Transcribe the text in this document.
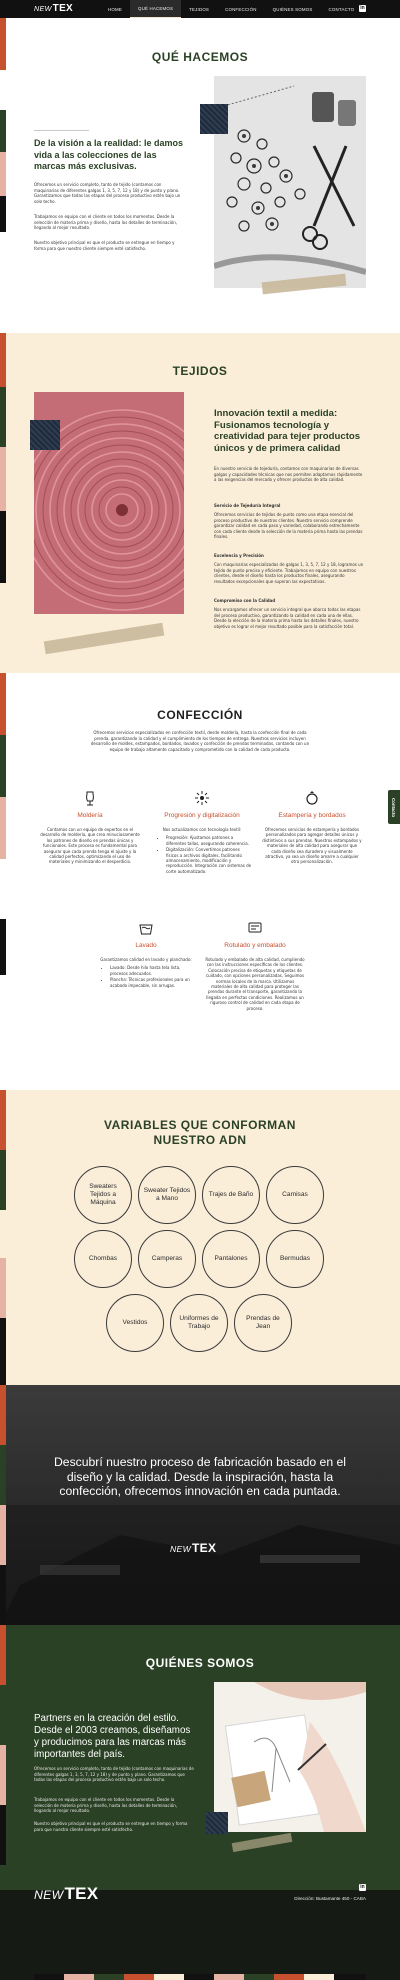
NEWTEX	HOME	QUÉ HACEMOS	TEJIDOS	CONFECCIÓN	QUIÉNES SOMOS	CONTACTO	in
QUÉ HACEMOS
De la visión a la realidad: le damos vida a las colecciones de las marcas más exclusivas.
Ofrecemos un servicio completo, tanto de tejido (contamos con maquinarias de diferentes galgas 1, 3, 5, 7, 12 y 18) y de punto y plano. Garantizamos que todas las etapas del proceso productivo estén bajo un solo techo.
Trabajamos en equipo con el cliente en todos los momentos. Desde la selección de materia prima y diseño, hasta los detalles de terminación, llegando al mejor resultado.
Nuestro objetivo principal es que el producto se entregue en tiempo y forma para que nuestro cliente siempre esté satisfecho.
TEJIDOS
Innovación textil a medida: Fusionamos tecnología y creatividad para tejer productos únicos y de primera calidad
En nuestro servicio de tejeduría, contamos con maquinarias de diversas galgas y capacidades técnicas que nos permiten adaptarnos rápidamente a las exigencias del mercado y ofrecer productos de alta calidad.
Servicio de Tejeduría Integral
Ofrecemos servicios de tejidos de punto como una etapa esencial del proceso productivo de nuestros clientes. Nuestro servicio comprende garantizar calidad en cada paso y variedad, colaborando estrechamente con cada cliente desde la selección de la materia prima hasta las prendas finales.
Excelencia y Precisión
Con maquinarias especializadas de galgas 1, 3, 5, 7, 12 y 18, logramos un tejido de punto preciso y eficiente. Trabajamos en equipo con nuestros clientes, desde el diseño hasta los productos finales, asegurando resultados excepcionales que superan las expectativas.
Compromiso con la Calidad
Nos encargamos ofrecer un servicio integral que abarca todas las etapas del proceso productivo, garantizando la calidad en cada una de ellas. Desde la elección de la materia prima hasta los detalles finales, nuestro objetivo es lograr el mejor resultado posible para la satisfacción total.
CONFECCIÓN
Ofrecemos servicios especializados en confección textil, desde moldería, hasta la confección final de cada prenda, garantizando la calidad y el cumplimiento de los tiempos de entrega. Nuestros servicios incluyen desarrollo de moldes, estampados, bordados, lavados y confección de prendas terminadas, contando con un equipo de trabajo altamente capacitado y comprometido con la calidad de cada producto.
Moldería
Contamos con un equipo de expertos en el desarrollo de moldería, que crea minuciosamente los patrones de diseño en prendas únicas y funcionales. Este proceso es fundamental para asegurar que cada prenda tenga el ajuste y la calidad perfectos, optimizando el uso de materiales y minimizando el desperdicio.
Progresión y digitalización
Nos actualizamos con tecnología textil:
• Progresión: Ajustamos patrones a diferentes tallas, asegurando coherencia.
• Digitalización: Convertimos patrones físicos a archivos digitales, facilitando almacenamiento, modificación y reproducción. Integración con sistemas de corte automatizado.
Estampería y bordados
Ofrecemos servicios de estampería y bordados personalizados para agregar detalles únicos y distintivos a sus prendas. Nuestros estampados y materiales de alta calidad para asegurar que cada diseño sea duradero y visualmente atractivo, ya sea un diseño amarre a cualquier otra personalización.
Lavado
Garantizamos calidad en lavado y planchado:
• Lavado: Desde hilo hasta tela lista, procesos adecuados.
• Plancha: Técnicas profesionales para un acabado impecable, sin arrugas.
Rotulado y embalado
Rotulado y embalado de alta calidad, cumpliendo con las instrucciones específicas de los clientes. Colocación precisa de etiquetas y etiquetas de cuidado, con opciones personalizadas. Seguimos normas locales de la marca. Utilizamos materiales de alta calidad para proteger las prendas durante el transporte, garantizando la llegada en perfectas condiciones. Realizamos un riguroso control de calidad en cada etapa de proceso.
Contacto
VARIABLES QUE CONFORMAN NUESTRO ADN
Sweaters Tejidos a Máquina
Sweater Tejidos a Mano
Trajes de Baño	Camisas
Chombas	Camperas	Pantalones	Bermudas
Vestidos
Uniformes de Trabajo
Prendas de Jean
Descubrí nuestro proceso de fabricación basado en el diseño y la calidad. Desde la inspiración, hasta la confección, ofrecemos innovación en cada puntada.
NEWTEX
QUIÉNES SOMOS
Partners en la creación del estilo. Desde el 2003 creamos, diseñamos y producimos para las marcas más importantes del país.
Ofrecemos un servicio completo, tanto de tejido (contamos con maquinarias de diferentes galgas 1, 3, 5, 7, 12 y 18) y de punto y plano. Garantizamos que todas las etapas del proceso productivo estén bajo un solo techo.
Trabajamos en equipo con el cliente en todos los momentos. Desde la selección de materia prima y diseño, hasta los detalles de terminación, llegando al mejor resultado.
Nuestro objetivo principal es que el producto se entregue en tiempo y forma para que nuestro cliente siempre esté satisfecho.
NEWTEX	in
Dirección: Bustamante 450 - CABA
